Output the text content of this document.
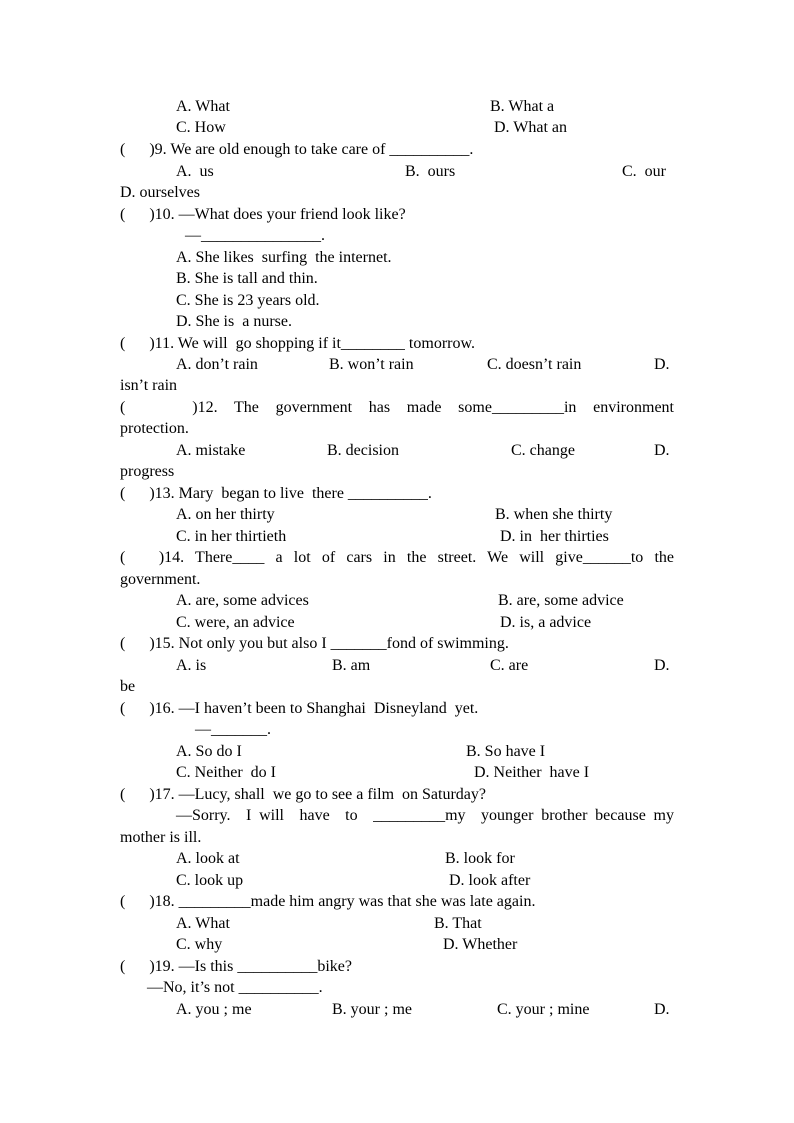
A. What	B. What a
C. How	D. What an
(      )9. We are old enough to take care of __________.
A.  us	B.  ours	C.  our
D. ourselves
(      )10. —What does your friend look like?
—_______________.
A. She likes  surfing  the internet.
B. She is tall and thin.
C. She is 23 years old.
D. She is  a nurse.
(      )11. We will  go shopping if it________ tomorrow.
A. don’t rain	B. won’t rain	C. doesn’t rain	D.
isn’t rain
(        )12.  The  government  has  made  some_________in  environment
protection.
A. mistake	B. decision	C. change	D.
progress
(      )13. Mary  began to live  there __________.
A. on her thirty	B. when she thirty
C. in her thirtieth	D. in  her thirties
(      )14.  There____  a  lot  of  cars  in  the  street.  We  will  give______to  the
government.
A. are, some advices	B. are, some advice
C. were, an advice	D. is, a advice
(      )15. Not only you but also I _______fond of swimming.
A. is	B. am	C. are	D.
be
(      )16. —I haven’t been to Shanghai  Disneyland  yet.
—_______.
A. So do I	B. So have I
C. Neither  do I	D. Neither  have I
(      )17. —Lucy, shall  we go to see a film  on Saturday?
—Sorry.  I will  have  to  _________my  younger brother because my
mother is ill.
A. look at	B. look for
C. look up	D. look after
(      )18. _________made him angry was that she was late again.
A. What	B. That
C. why	D. Whether
(      )19. —Is this __________bike?
—No, it’s not __________.
A. you ; me	B. your ; me	C. your ; mine	D.
